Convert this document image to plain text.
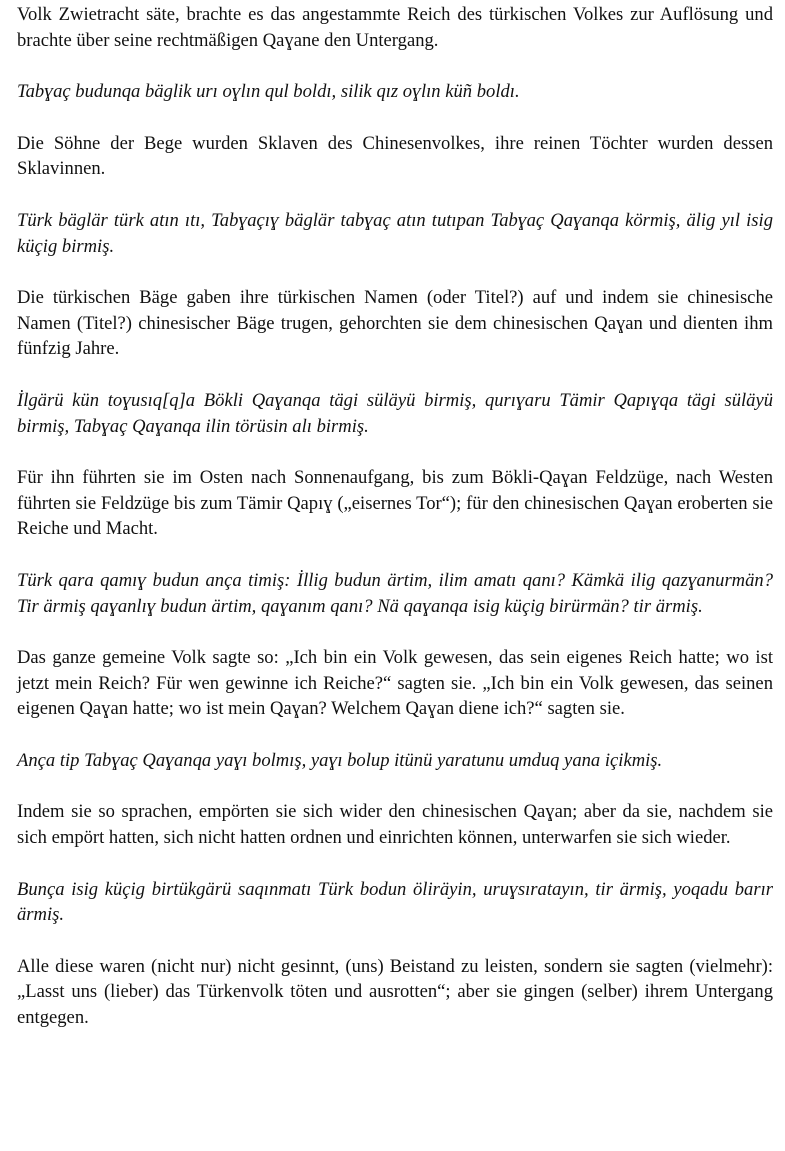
Volk Zwietracht säte, brachte es das angestammte Reich des türkischen Volkes zur Auflösung und brachte über seine rechtmäßigen Qaɣane den Untergang.

Tabɣaç budunqa bäglik urı oɣlın qul boldı, silik qız oɣlın küñ boldı.

Die Söhne der Bege wurden Sklaven des Chinesenvolkes, ihre reinen Töchter wurden dessen Sklavinnen.

Türk bäglär türk atın ıtı, Tabɣaçıɣ bäglär tabɣaç atın tutıpan Tabɣaç Qaɣanqa körmiş, älig yıl isig küçig birmiş.

Die türkischen Bäge gaben ihre türkischen Namen (oder Titel?) auf und indem sie chinesische Namen (Titel?) chinesischer Bäge trugen, gehorchten sie dem chinesischen Qaɣan und dienten ihm fünfzig Jahre.

İlgärü kün toɣusıq[q]a Bökli Qaɣanqa tägi süläyü birmiş, qurıɣaru Tämir Qapıɣqa tägi süläyü birmiş, Tabɣaç Qaɣanqa ilin törüsin alı birmiş.

Für ihn führten sie im Osten nach Sonnenaufgang, bis zum Bökli-Qaɣan Feldzüge, nach Westen führten sie Feldzüge bis zum Tämir Qapıɣ („eisernes Tor“); für den chinesischen Qaɣan eroberten sie Reiche und Macht.

Türk qara qamıɣ budun ança timiş: İllig budun ärtim, ilim amatı qanı? Kämkä ilig qazɣanurmän? Tir ärmiş qaɣanlıɣ budun ärtim, qaɣanım qanı? Nä qaɣanqa isig küçig birürmän? tir ärmiş.

Das ganze gemeine Volk sagte so: „Ich bin ein Volk gewesen, das sein eigenes Reich hatte; wo ist jetzt mein Reich? Für wen gewinne ich Reiche?“ sagten sie. „Ich bin ein Volk gewesen, das seinen eigenen Qaɣan hatte; wo ist mein Qaɣan? Welchem Qaɣan diene ich?“ sagten sie.

Ança tip Tabɣaç Qaɣanqa yaɣı bolmış, yaɣı bolup itünü yaratunu umduq yana içikmiş.

Indem sie so sprachen, empörten sie sich wider den chinesischen Qaɣan; aber da sie, nachdem sie sich empört hatten, sich nicht hatten ordnen und einrichten können, unterwarfen sie sich wieder.

Bunça isig küçig birtükgärü saqınmatı Türk bodun öliräyin, uruɣsıratayın, tir ärmiş, yoqadu barır ärmiş.

Alle diese waren (nicht nur) nicht gesinnt, (uns) Beistand zu leisten, sondern sie sagten (vielmehr): „Lasst uns (lieber) das Türkenvolk töten und ausrotten“; aber sie gingen (selber) ihrem Untergang entgegen.
